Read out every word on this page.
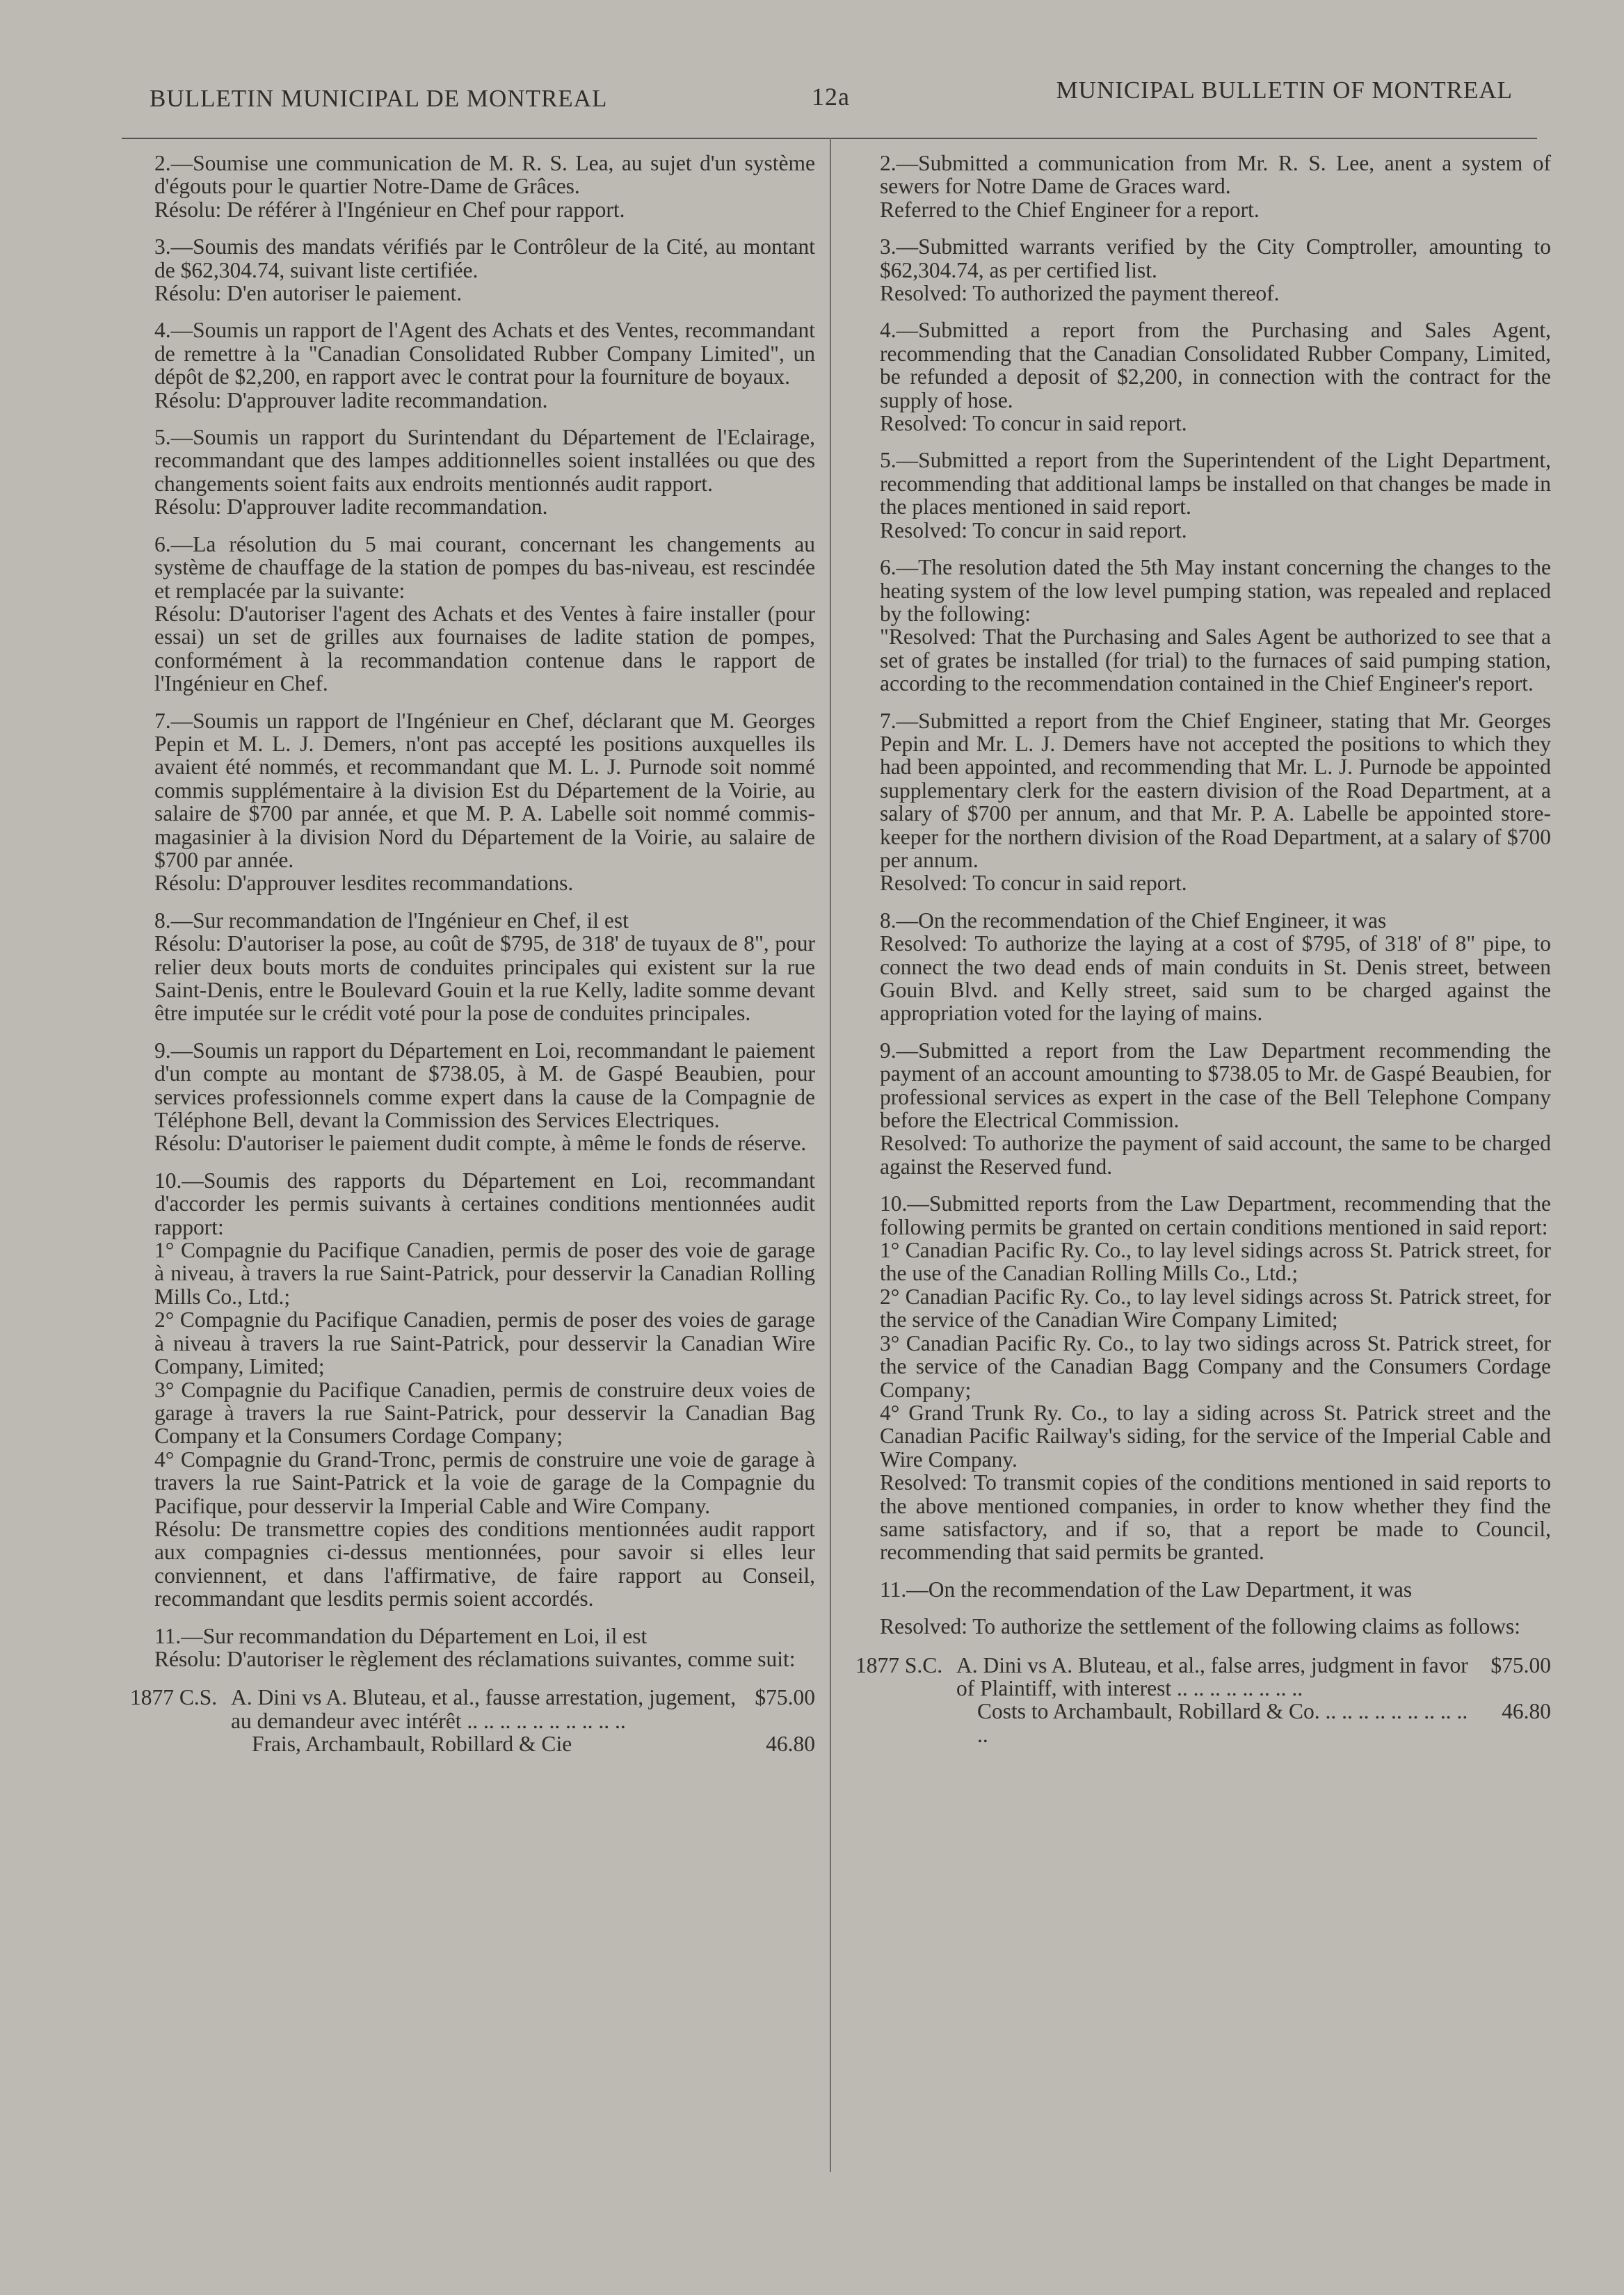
BULLETIN MUNICIPAL DE MONTREAL	12a	MUNICIPAL BULLETIN OF MONTREAL

2.—Soumise une communication de M. R. S. Lea, au sujet d'un système d'égouts pour le quartier Notre-Dame de Grâces.

Résolu: De référer à l'Ingénieur en Chef pour rapport.

3.—Soumis des mandats vérifiés par le Contrôleur de la Cité, au montant de $62,304.74, suivant liste certifiée.

Résolu: D'en autoriser le paiement.

4.—Soumis un rapport de l'Agent des Achats et des Ventes, recommandant de remettre à la "Canadian Consolidated Rubber Company Limited", un dépôt de $2,200, en rapport avec le contrat pour la fourniture de boyaux.

Résolu: D'approuver ladite recommandation.

5.—Soumis un rapport du Surintendant du Département de l'Eclairage, recommandant que des lampes additionnelles soient installées ou que des changements soient faits aux endroits mentionnés audit rapport.

Résolu: D'approuver ladite recommandation.

6.—La résolution du 5 mai courant, concernant les changements au système de chauffage de la station de pompes du bas-niveau, est rescindée et remplacée par la suivante:

Résolu: D'autoriser l'agent des Achats et des Ventes à faire installer (pour essai) un set de grilles aux fournaises de ladite station de pompes, conformément à la recommandation contenue dans le rapport de l'Ingénieur en Chef.

7.—Soumis un rapport de l'Ingénieur en Chef, déclarant que M. Georges Pepin et M. L. J. Demers, n'ont pas accepté les positions auxquelles ils avaient été nommés, et recommandant que M. L. J. Purnode soit nommé commis supplémentaire à la division Est du Département de la Voirie, au salaire de $700 par année, et que M. P. A. Labelle soit nommé commis-magasinier à la division Nord du Département de la Voirie, au salaire de $700 par année.

Résolu: D'approuver lesdites recommandations.

8.—Sur recommandation de l'Ingénieur en Chef, il est

Résolu: D'autoriser la pose, au coût de $795, de 318' de tuyaux de 8", pour relier deux bouts morts de conduites principales qui existent sur la rue Saint-Denis, entre le Boulevard Gouin et la rue Kelly, ladite somme devant être imputée sur le crédit voté pour la pose de conduites principales.

9.—Soumis un rapport du Département en Loi, recommandant le paiement d'un compte au montant de $738.05, à M. de Gaspé Beaubien, pour services professionnels comme expert dans la cause de la Compagnie de Téléphone Bell, devant la Commission des Services Electriques.

Résolu: D'autoriser le paiement dudit compte, à même le fonds de réserve.

10.—Soumis des rapports du Département en Loi, recommandant d'accorder les permis suivants à certaines conditions mentionnées audit rapport:

1° Compagnie du Pacifique Canadien, permis de poser des voie de garage à niveau, à travers la rue Saint-Patrick, pour desservir la Canadian Rolling Mills Co., Ltd.;

2° Compagnie du Pacifique Canadien, permis de poser des voies de garage à niveau à travers la rue Saint-Patrick, pour desservir la Canadian Wire Company, Limited;

3° Compagnie du Pacifique Canadien, permis de construire deux voies de garage à travers la rue Saint-Patrick, pour desservir la Canadian Bag Company et la Consumers Cordage Company;

4° Compagnie du Grand-Tronc, permis de construire une voie de garage à travers la rue Saint-Patrick et la voie de garage de la Compagnie du Pacifique, pour desservir la Imperial Cable and Wire Company.

Résolu: De transmettre copies des conditions mentionnées audit rapport aux compagnies ci-dessus mentionnées, pour savoir si elles leur conviennent, et dans l'affirmative, de faire rapport au Conseil, recommandant que lesdits permis soient accordés.

11.—Sur recommandation du Département en Loi, il est

Résolu: D'autoriser le règlement des réclamations suivantes, comme suit:

1877 C.S. A. Dini vs A. Bluteau, et al., fausse arrestation, jugement, au demandeur avec intérêt .. .. .. .. .. .. .. .. .. ..
$75.00
Frais, Archambault, Robillard & Cie	46.80

2.—Submitted a communication from Mr. R. S. Lee, anent a system of sewers for Notre Dame de Graces ward.

Referred to the Chief Engineer for a report.

3.—Submitted warrants verified by the City Comptroller, amounting to $62,304.74, as per certified list.

Resolved: To authorized the payment thereof.

4.—Submitted a report from the Purchasing and Sales Agent, recommending that the Canadian Consolidated Rubber Company, Limited, be refunded a deposit of $2,200, in connection with the contract for the supply of hose.

Resolved: To concur in said report.

5.—Submitted a report from the Superintendent of the Light Department, recommending that additional lamps be installed on that changes be made in the places mentioned in said report.

Resolved: To concur in said report.

6.—The resolution dated the 5th May instant concerning the changes to the heating system of the low level pumping station, was repealed and replaced by the following:

"Resolved: That the Purchasing and Sales Agent be authorized to see that a set of grates be installed (for trial) to the furnaces of said pumping station, according to the recommendation contained in the Chief Engineer's report.

7.—Submitted a report from the Chief Engineer, stating that Mr. Georges Pepin and Mr. L. J. Demers have not accepted the positions to which they had been appointed, and recommending that Mr. L. J. Purnode be appointed supplementary clerk for the eastern division of the Road Department, at a salary of $700 per annum, and that Mr. P. A. Labelle be appointed store-keeper for the northern division of the Road Department, at a salary of $700 per annum.

Resolved: To concur in said report.

8.—On the recommendation of the Chief Engineer, it was

Resolved: To authorize the laying at a cost of $795, of 318' of 8" pipe, to connect the two dead ends of main conduits in St. Denis street, between Gouin Blvd. and Kelly street, said sum to be charged against the appropriation voted for the laying of mains.

9.—Submitted a report from the Law Department recommending the payment of an account amounting to $738.05 to Mr. de Gaspé Beaubien, for professional services as expert in the case of the Bell Telephone Company before the Electrical Commission.

Resolved: To authorize the payment of said account, the same to be charged against the Reserved fund.

10.—Submitted reports from the Law Department, recommending that the following permits be granted on certain conditions mentioned in said report:

1° Canadian Pacific Ry. Co., to lay level sidings across St. Patrick street, for the use of the Canadian Rolling Mills Co., Ltd.;

2° Canadian Pacific Ry. Co., to lay level sidings across St. Patrick street, for the service of the Canadian Wire Company Limited;

3° Canadian Pacific Ry. Co., to lay two sidings across St. Patrick street, for the service of the Canadian Bagg Company and the Consumers Cordage Company;

4° Grand Trunk Ry. Co., to lay a siding across St. Patrick street and the Canadian Pacific Railway's siding, for the service of the Imperial Cable and Wire Company.

Resolved: To transmit copies of the conditions mentioned in said reports to the above mentioned companies, in order to know whether they find the same satisfactory, and if so, that a report be made to Council, recommending that said permits be granted.

11.—On the recommendation of the Law Department, it was

Resolved: To authorize the settlement of the following claims as follows:

1877 S.C. A. Dini vs A. Bluteau, et al., false arres, judgment in favor of Plaintiff, with interest .. .. .. .. .. .. .. ..
$75.00
Costs to Archambault, Robillard & Co. .. .. .. .. .. .. .. .. .. ..
46.80
